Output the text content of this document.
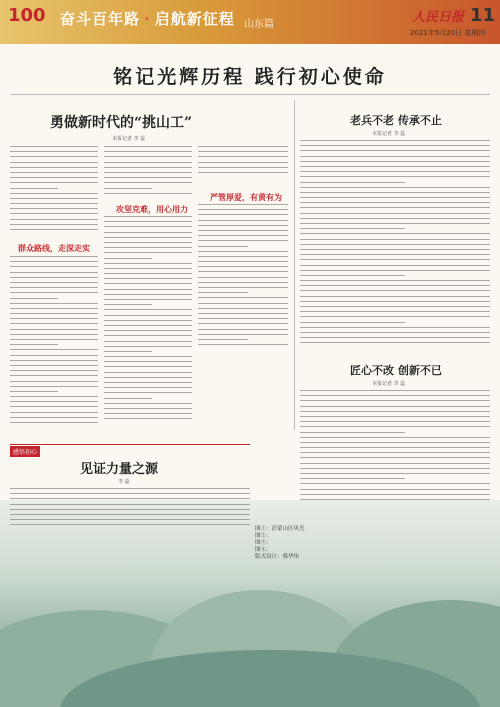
100 奋斗百年路 · 启航新征程 山东篇	人民日报 11
2021年5月20日 星期四
铭记光辉历程 践行初心使命
勇做新时代的“挑山工”
本报记者 李 蕊
群众路线，走深走实
攻坚克难，用心用力
严管厚爱，有黄有为
老兵不老 传承不止
本报记者 李 蕊
匠心不改 创新不已
本报记者 李 蕊
感悟初心
见证力量之源
李 蕊
图①：沂蒙山区风光
图②：
图③：
图④：
版式设计：蔡华伟
